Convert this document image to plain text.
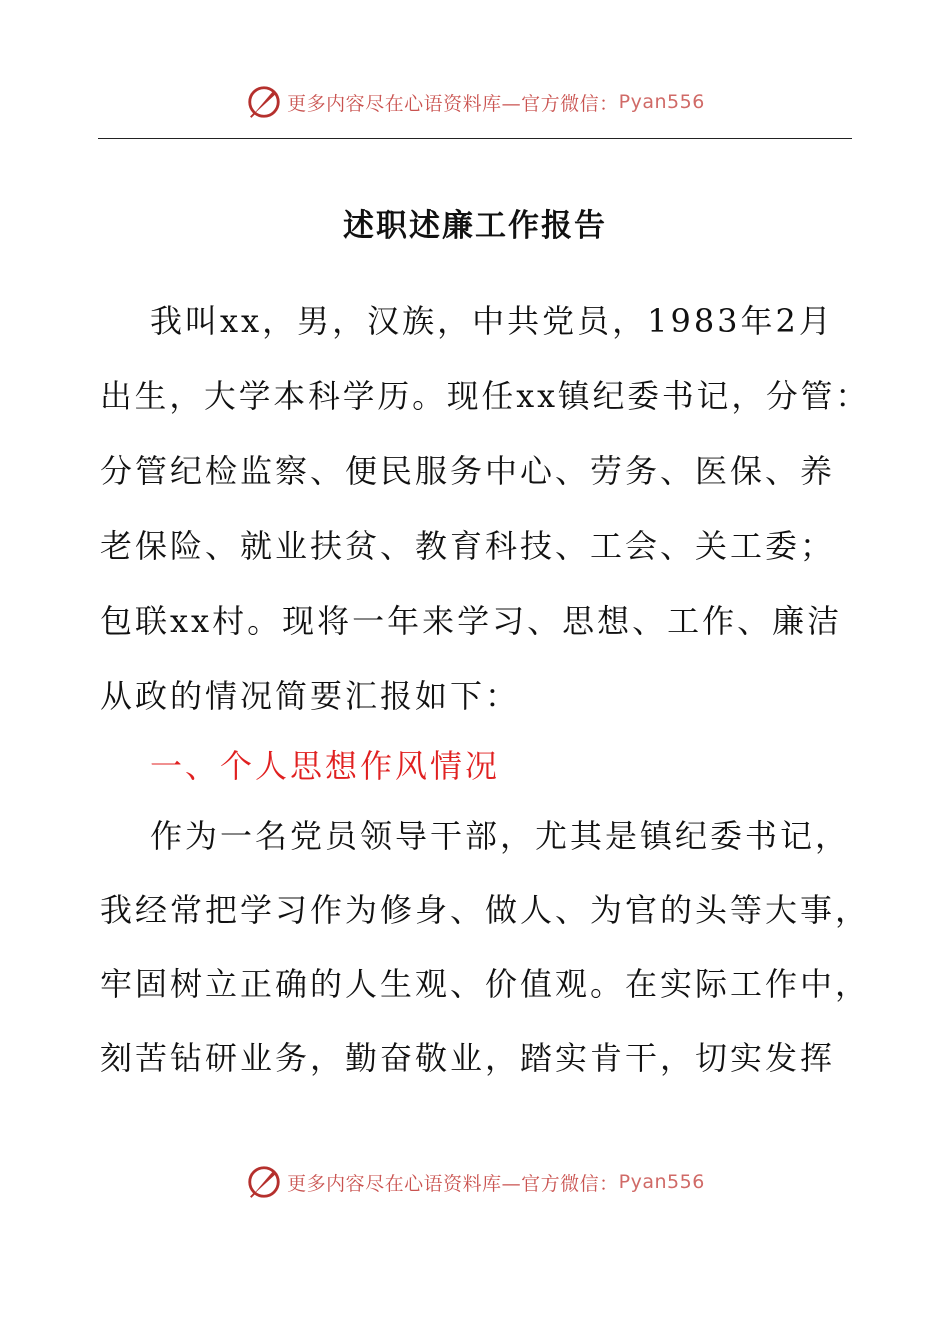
更多内容尽在心语资料库—官方微信： Pyan556
述职述廉工作报告
我叫xx，男，汉族，中共党员，1983年2月
出生，大学本科学历。现任xx镇纪委书记，分管：
分管纪检监察、便民服务中心、劳务、医保、养
老保险、就业扶贫、教育科技、工会、关工委；
包联xx村。现将一年来学习、思想、工作、廉洁
从政的情况简要汇报如下：
一、个人思想作风情况
作为一名党员领导干部，尤其是镇纪委书记，
我经常把学习作为修身、做人、为官的头等大事，
牢固树立正确的人生观、价值观。在实际工作中，
刻苦钻研业务，勤奋敬业，踏实肯干，切实发挥
更多内容尽在心语资料库—官方微信： Pyan556
